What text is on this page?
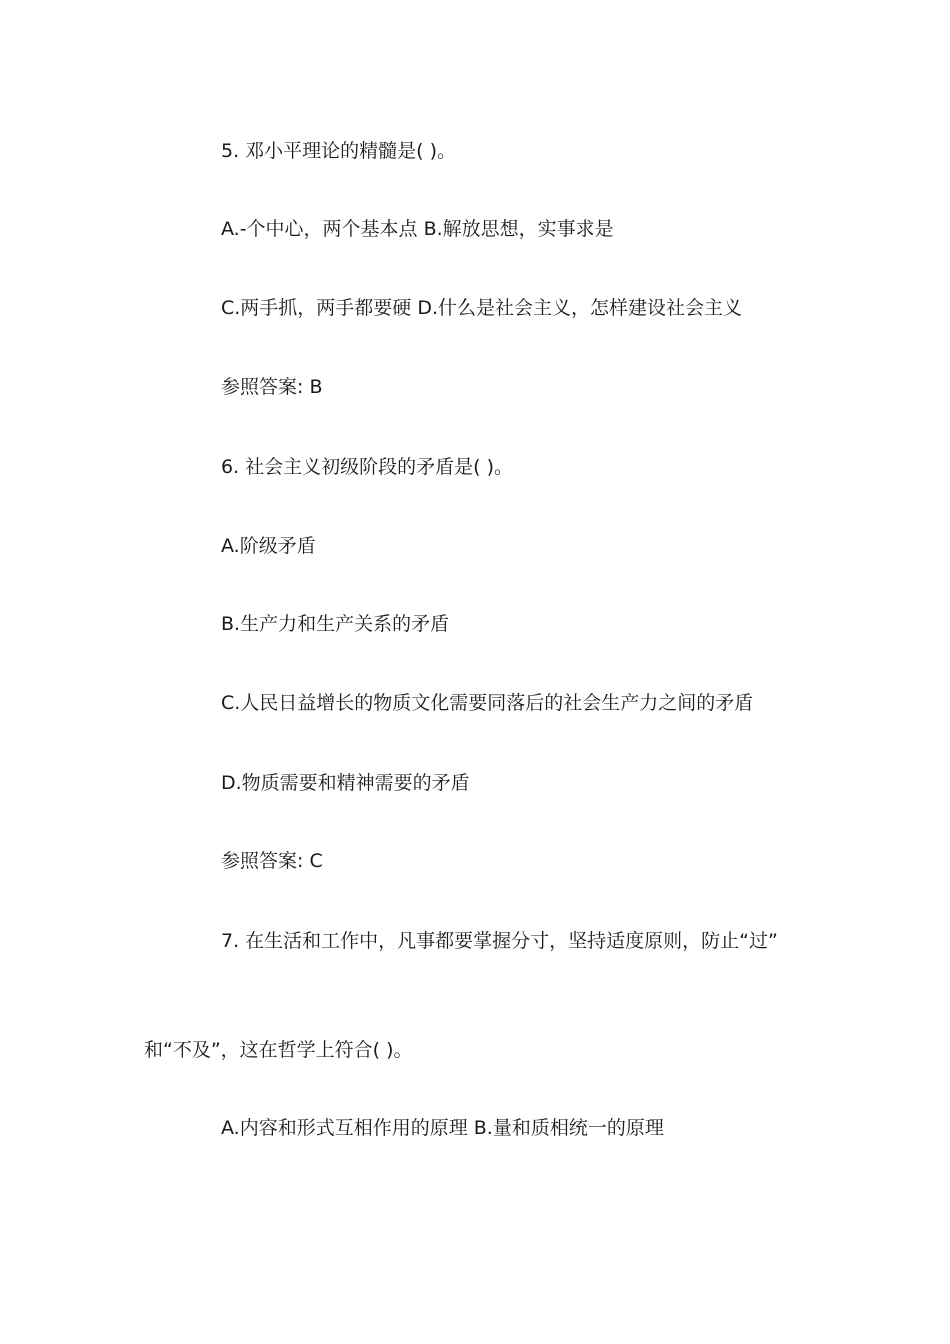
5. 邓小平理论的精髓是( )。
A.-个中心，两个基本点 B.解放思想，实事求是
C.两手抓，两手都要硬 D.什么是社会主义，怎样建设社会主义
参照答案: B
6. 社会主义初级阶段的矛盾是( )。
A.阶级矛盾
B.生产力和生产关系的矛盾
C.人民日益增长的物质文化需要同落后的社会生产力之间的矛盾
D.物质需要和精神需要的矛盾
参照答案: C
7. 在生活和工作中，凡事都要掌握分寸，坚持适度原则，防止“过”
和“不及”，这在哲学上符合( )。
A.内容和形式互相作用的原理 B.量和质相统一的原理
